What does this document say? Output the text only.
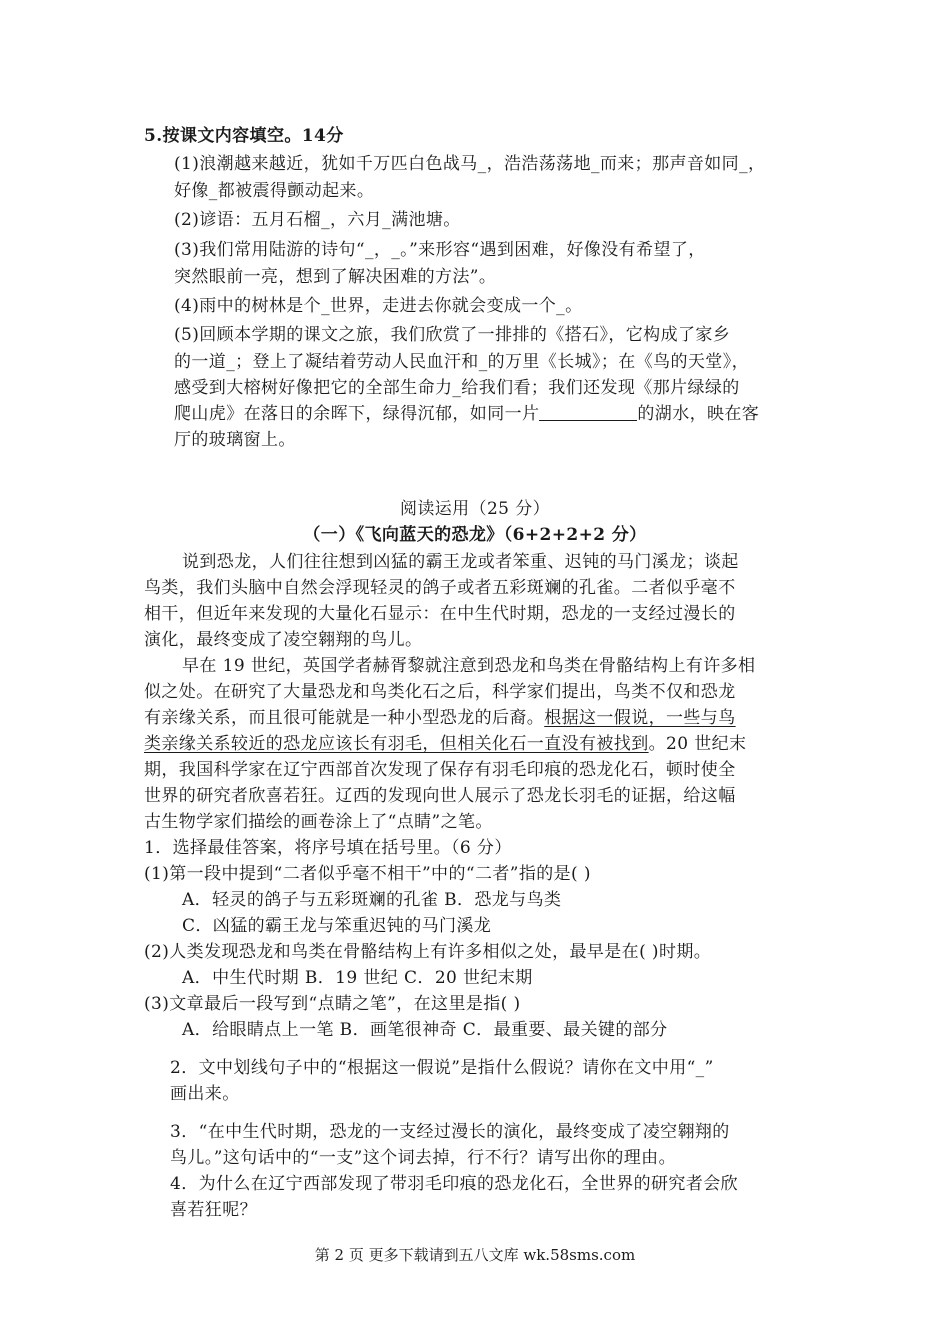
5.按课文内容填空。14分
(1)浪潮越来越近，犹如千万匹白色战马_，浩浩荡荡地_而来；那声音如同_，
好像_都被震得颤动起来。
(2)谚语：五月石榴_，六月_满池塘。
(3)我们常用陆游的诗句“_，_。”来形容“遇到困难，好像没有希望了，
突然眼前一亮，想到了解决困难的方法”。
(4)雨中的树林是个_世界，走进去你就会变成一个_。
(5)回顾本学期的课文之旅，我们欣赏了一排排的《搭石》，它构成了家乡
的一道_；登上了凝结着劳动人民血汗和_的万里《长城》；在《鸟的天堂》，
感受到大榕树好像把它的全部生命力_给我们看；我们还发现《那片绿绿的
爬山虎》在落日的余晖下，绿得沉郁，如同一片	的湖水，映在客
厅的玻璃窗上。
阅读运用（25 分）
（一）《飞向蓝天的恐龙》（6+2+2+2 分）
说到恐龙，人们往往想到凶猛的霸王龙或者笨重、迟钝的马门溪龙；谈起
鸟类，我们头脑中自然会浮现轻灵的鸽子或者五彩斑斓的孔雀。二者似乎毫不
相干，但近年来发现的大量化石显示：在中生代时期，恐龙的一支经过漫长的
演化，最终变成了凌空翱翔的鸟儿。
早在 19 世纪，英国学者赫胥黎就注意到恐龙和鸟类在骨骼结构上有许多相
似之处。在研究了大量恐龙和鸟类化石之后，科学家们提出，鸟类不仅和恐龙
有亲缘关系，而且很可能就是一种小型恐龙的后裔。根据这一假说，一些与鸟
类亲缘关系较近的恐龙应该长有羽毛，但相关化石一直没有被找到。20 世纪末
期，我国科学家在辽宁西部首次发现了保存有羽毛印痕的恐龙化石，顿时使全
世界的研究者欣喜若狂。辽西的发现向世人展示了恐龙长羽毛的证据，给这幅
古生物学家们描绘的画卷涂上了“点睛”之笔。
1．选择最佳答案，将序号填在括号里。（6 分）
(1)第一段中提到“二者似乎毫不相干”中的“二者”指的是( )
A．轻灵的鸽子与五彩斑斓的孔雀 B．恐龙与鸟类
C．凶猛的霸王龙与笨重迟钝的马门溪龙
(2)人类发现恐龙和鸟类在骨骼结构上有许多相似之处，最早是在( )时期。
A．中生代时期 B．19 世纪 C．20 世纪末期
(3)文章最后一段写到“点睛之笔”，在这里是指( )
A．给眼睛点上一笔 B．画笔很神奇 C．最重要、最关键的部分
2．文中划线句子中的“根据这一假说”是指什么假说？请你在文中用“_”
画出来。
3．“在中生代时期，恐龙的一支经过漫长的演化，最终变成了凌空翱翔的
鸟儿。”这句话中的“一支”这个词去掉，行不行？请写出你的理由。
4．为什么在辽宁西部发现了带羽毛印痕的恐龙化石，全世界的研究者会欣
喜若狂呢？
第 2 页 更多下载请到五八文库 wk.58sms.com
